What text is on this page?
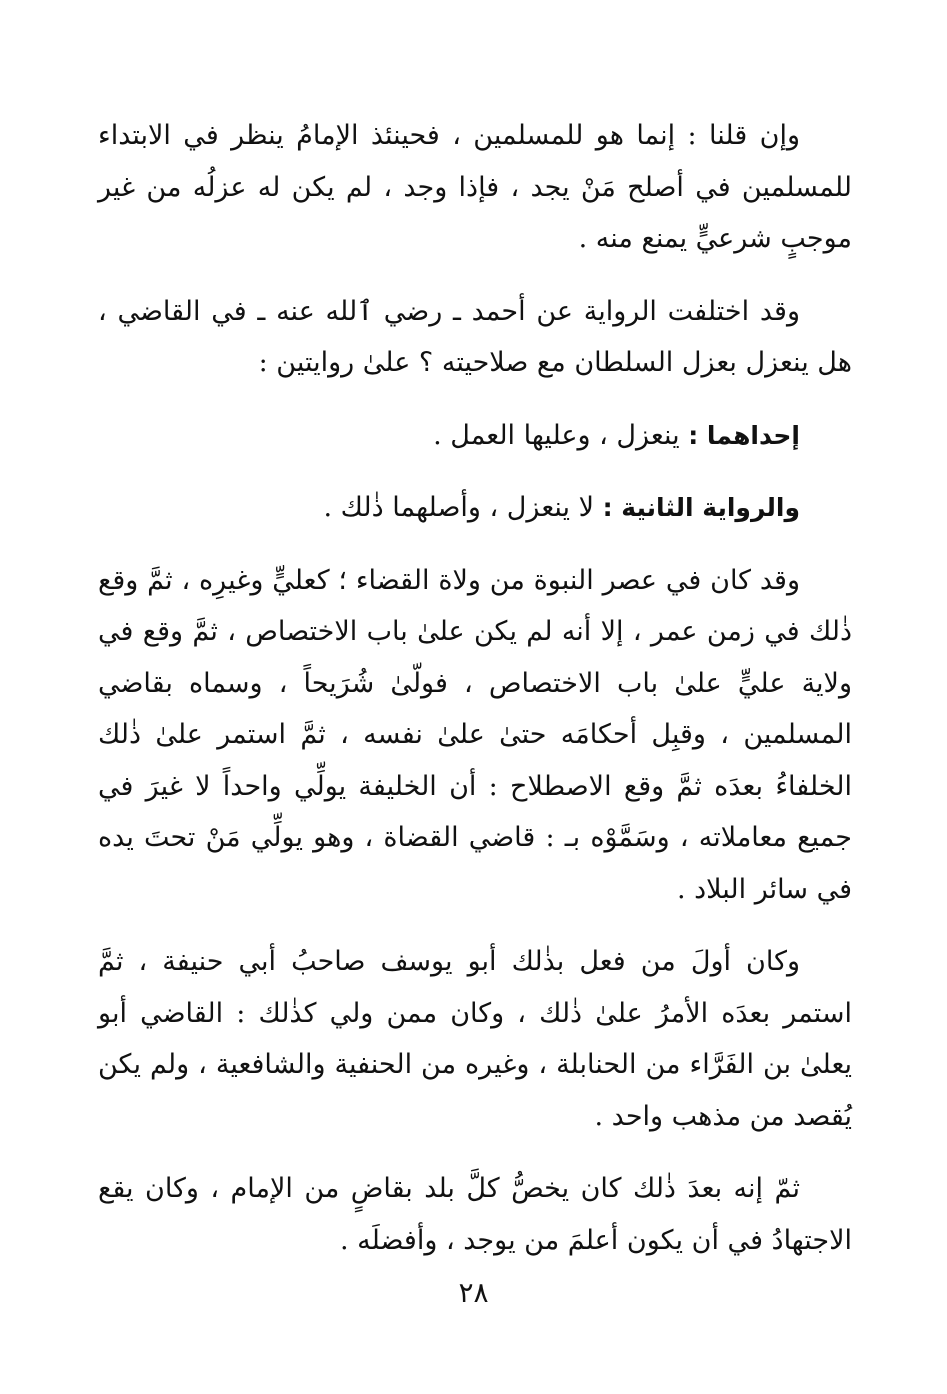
وإن قلنا : إنما هو للمسلمين ، فحينئذ الإمامُ ينظر في الابتداء للمسلمين في أصلح مَنْ يجد ، فإذا وجد ، لم يكن له عزلُه من غير موجبٍ شرعيٍّ يمنع منه .

وقد اختلفت الرواية عن أحمد ـ رضي ٱلله عنه ـ في القاضي ، هل ينعزل بعزل السلطان مع صلاحيته ؟ علىٰ روايتين :

إحداهما : ينعزل ، وعليها العمل .

والرواية الثانية : لا ينعزل ، وأصلهما ذٰلك .

وقد كان في عصر النبوة من ولاة القضاء ؛ كعليٍّ وغيرِه ، ثمَّ وقع ذٰلك في زمن عمر ، إلا أنه لم يكن علىٰ باب الاختصاص ، ثمَّ وقع في ولاية عليٍّ علىٰ باب الاختصاص ، فولّىٰ شُرَيحاً ، وسماه بقاضي المسلمين ، وقبِل أحكامَه حتىٰ علىٰ نفسه ، ثمَّ استمر علىٰ ذٰلك الخلفاءُ بعدَه ثمَّ وقع الاصطلاح : أن الخليفة يولِّي واحداً لا غيرَ في جميع معاملاته ، وسَمَّوْه بـ : قاضي القضاة ، وهو يولِّي مَنْ تحتَ يده في سائر البلاد .

وكان أولَ من فعل بذٰلك أبو يوسف صاحبُ أبي حنيفة ، ثمَّ استمر بعدَه الأمرُ علىٰ ذٰلك ، وكان ممن ولي كذٰلك : القاضي أبو يعلىٰ بن الفَرَّاء من الحنابلة ، وغيره من الحنفية والشافعية ، ولم يكن يُقصد من مذهب واحد .

ثمّ إنه بعدَ ذٰلك كان يخصُّ كلَّ بلد بقاضٍ من الإمام ، وكان يقع الاجتهادُ في أن يكون أعلمَ من يوجد ، وأفضلَه .

٢٨
